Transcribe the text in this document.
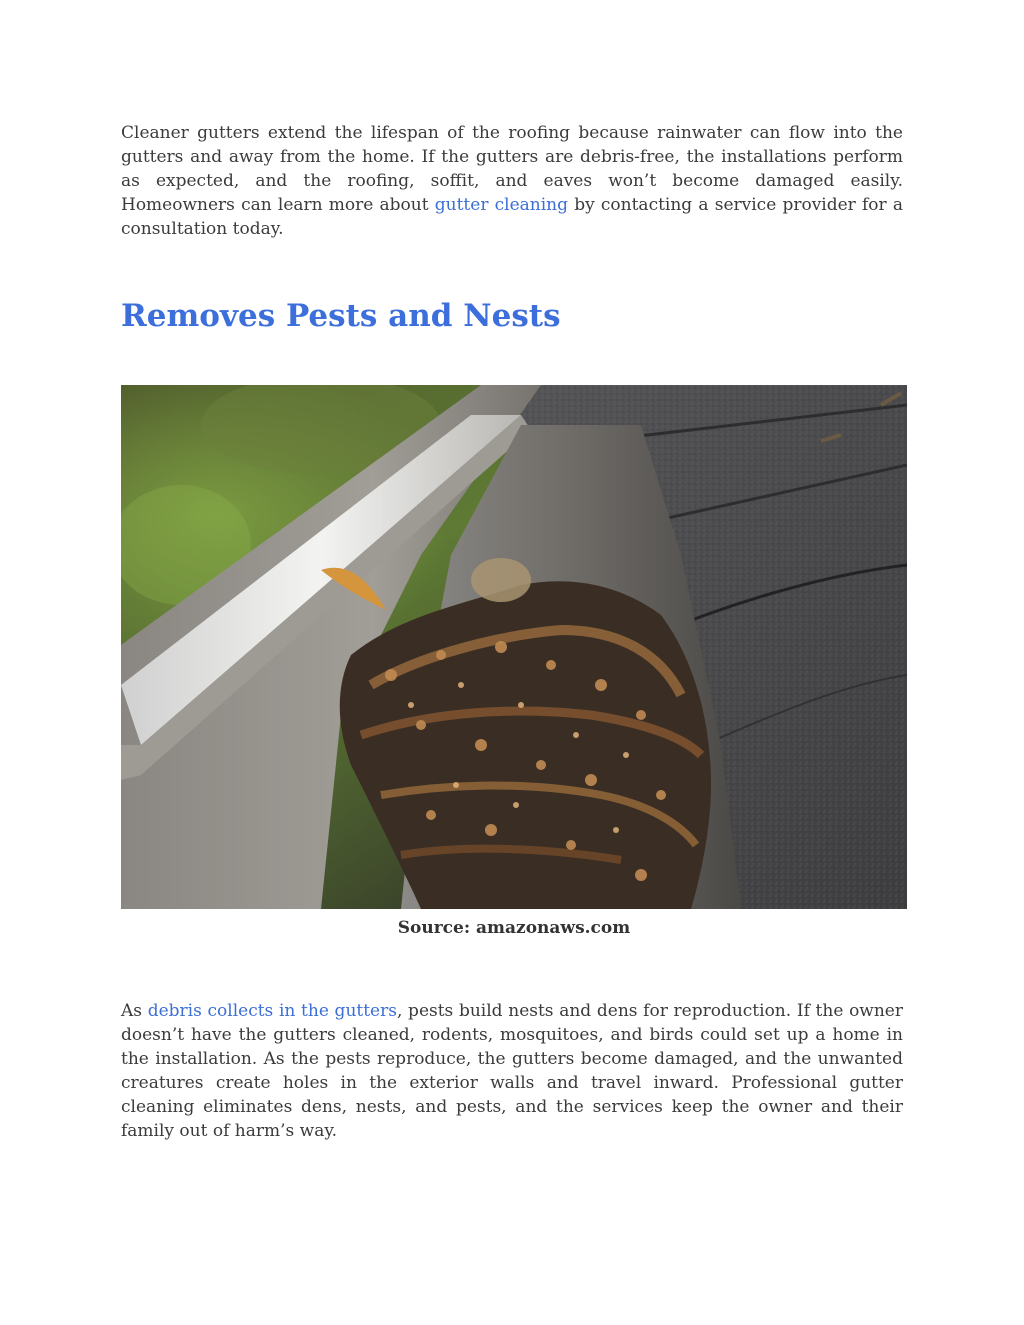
Cleaner gutters extend the lifespan of the roofing because rainwater can flow into the gutters and away from the home. If the gutters are debris-free, the installations perform as expected, and the roofing, soffit, and eaves won’t become damaged easily. Homeowners can learn more about gutter cleaning by contacting a service provider for a consultation today.

Removes Pests and Nests

Source: amazonaws.com

As debris collects in the gutters, pests build nests and dens for reproduction. If the owner doesn’t have the gutters cleaned, rodents, mosquitoes, and birds could set up a home in the installation. As the pests reproduce, the gutters become damaged, and the unwanted creatures create holes in the exterior walls and travel inward. Professional gutter cleaning eliminates dens, nests, and pests, and the services keep the owner and their family out of harm’s way.
